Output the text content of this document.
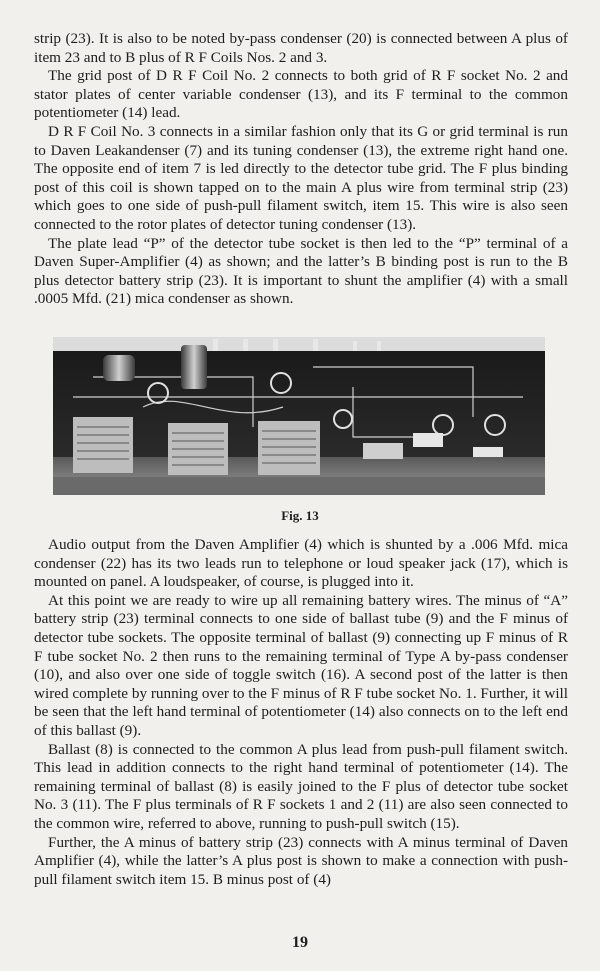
strip (23). It is also to be noted by-pass condenser (20) is connected between A plus of item 23 and to B plus of R F Coils Nos. 2 and 3.

The grid post of D R F Coil No. 2 connects to both grid of R F socket No. 2 and stator plates of center variable condenser (13), and its F terminal to the common potentiometer (14) lead.

D R F Coil No. 3 connects in a similar fashion only that its G or grid terminal is run to Daven Leakandenser (7) and its tuning condenser (13), the extreme right hand one. The opposite end of item 7 is led directly to the detector tube grid. The F plus binding post of this coil is shown tapped on to the main A plus wire from terminal strip (23) which goes to one side of push-pull filament switch, item 15. This wire is also seen connected to the rotor plates of detector tuning condenser (13).

The plate lead “P” of the detector tube socket is then led to the “P” terminal of a Daven Super-Amplifier (4) as shown; and the latter’s B binding post is run to the B plus detector battery strip (23). It is important to shunt the amplifier (4) with a small .0005 Mfd. (21) mica condenser as shown.

Fig. 13

Audio output from the Daven Amplifier (4) which is shunted by a .006 Mfd. mica condenser (22) has its two leads run to telephone or loud speaker jack (17), which is mounted on panel. A loudspeaker, of course, is plugged into it.

At this point we are ready to wire up all remaining battery wires. The minus of “A” battery strip (23) terminal connects to one side of ballast tube (9) and the F minus of detector tube sockets. The opposite terminal of ballast (9) connecting up F minus of R F tube socket No. 2 then runs to the remaining terminal of Type A by-pass condenser (10), and also over one side of toggle switch (16). A second post of the latter is then wired complete by running over to the F minus of R F tube socket No. 1. Further, it will be seen that the left hand terminal of potentiometer (14) also connects on to the left end of this ballast (9).

Ballast (8) is connected to the common A plus lead from push-pull filament switch. This lead in addition connects to the right hand terminal of potentiometer (14). The remaining terminal of ballast (8) is easily joined to the F plus of detector tube socket No. 3 (11). The F plus terminals of R F sockets 1 and 2 (11) are also seen connected to the common wire, referred to above, running to push-pull switch (15).

Further, the A minus of battery strip (23) connects with A minus terminal of Daven Amplifier (4), while the latter’s A plus post is shown to make a connection with push-pull filament switch item 15. B minus post of (4)

19
